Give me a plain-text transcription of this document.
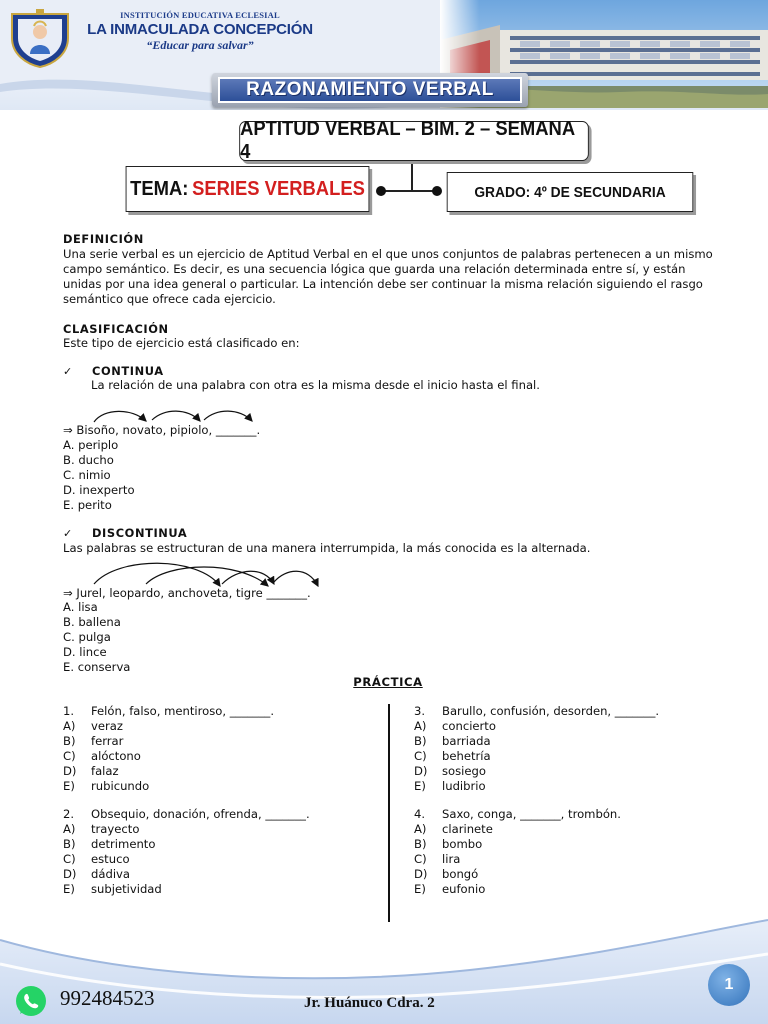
INSTITUCIÓN EDUCATIVA ECLESIAL
LA INMACULADA CONCEPCIÓN
“Educar para salvar”
RAZONAMIENTO VERBAL
APTITUD VERBAL – BIM. 2 – SEMANA 4
TEMA: SERIES VERBALES	GRADO: 4º DE SECUNDARIA
DEFINICIÓN
Una serie verbal es un ejercicio de Aptitud Verbal en el que unos conjuntos de palabras pertenecen a un mismo campo semántico. Es decir, es una secuencia lógica que guarda una relación determinada entre sí, y están unidas por una idea general o particular. La intención debe ser continuar la misma relación siguiendo el rasgo semántico que ofrece cada ejercicio.
CLASIFICACIÓN
Este tipo de ejercicio está clasificado en:
✓ CONTINUA
La relación de una palabra con otra es la misma desde el inicio hasta el final.
⇒ Bisoño, novato, pipiolo, _______.
A. periplo
B. ducho
C. nimio
D. inexperto
E. perito
✓ DISCONTINUA
Las palabras se estructuran de una manera interrumpida, la más conocida es la alternada.
⇒ Jurel, leopardo, anchoveta, tigre _______.
A. lisa
B. ballena
C. pulga
D. lince
E. conserva
PRÁCTICA
1.	Felón, falso, mentiroso, _______.
A)	veraz
B)	ferrar
C)	alóctono
D)	falaz
E)	rubicundo
2.	Obsequio, donación, ofrenda, _______.
A)	trayecto
B)	detrimento
C)	estuco
D)	dádiva
E)	subjetividad
3.	Barullo, confusión, desorden, _______.
A)	concierto
B)	barriada
C)	behetría
D)	sosiego
E)	ludibrio
4.	Saxo, conga, _______, trombón.
A)	clarinete
B)	bombo
C)	lira
D)	bongó
E)	eufonio
992484523	Jr. Huánuco Cdra. 2
1
